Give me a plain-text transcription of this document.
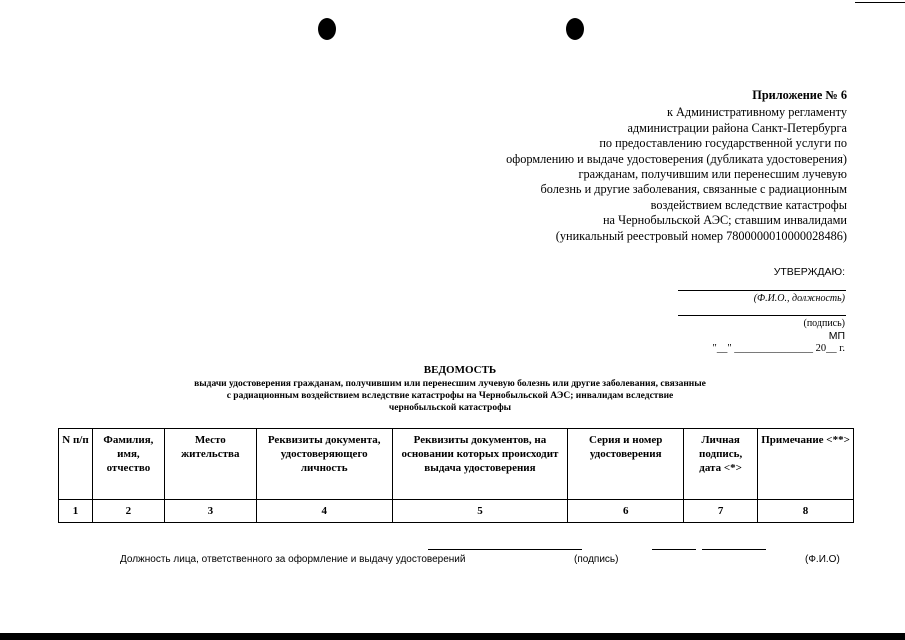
Приложение № 6
к Административному регламенту
администрации района Санкт-Петербурга
по предоставлению государственной услуги по
оформлению и выдаче удостоверения (дубликата удостоверения)
гражданам, получившим или перенесшим лучевую
болезнь и другие заболевания, связанные с радиационным
воздействием вследствие катастрофы
на Чернобыльской АЭС; ставшим инвалидами
(уникальный реестровый номер 7800000010000028486)
УТВЕРЖДАЮ:
(Ф.И.О., должность)
(подпись)
МП
"__" _______________ 20__ г.
ВЕДОМОСТЬ
выдачи удостоверения гражданам, получившим или перенесшим лучевую болезнь или другие заболевания, связанные
с радиационным воздействием вследствие катастрофы на Чернобыльской АЭС; инвалидам вследствие
чернобыльской катастрофы
N п/п	Фамилия, имя, отчество	Место жительства	Реквизиты документа, удостоверяющего личность	Реквизиты документов, на основании которых происходит выдача удостоверения	Серия и номер удостоверения	Личная подпись, дата <*>	Примечание <**>
1	2	3	4	5	6	7	8
Должность лица, ответственного за оформление и выдачу удостоверений	(подпись)	(Ф.И.О)
